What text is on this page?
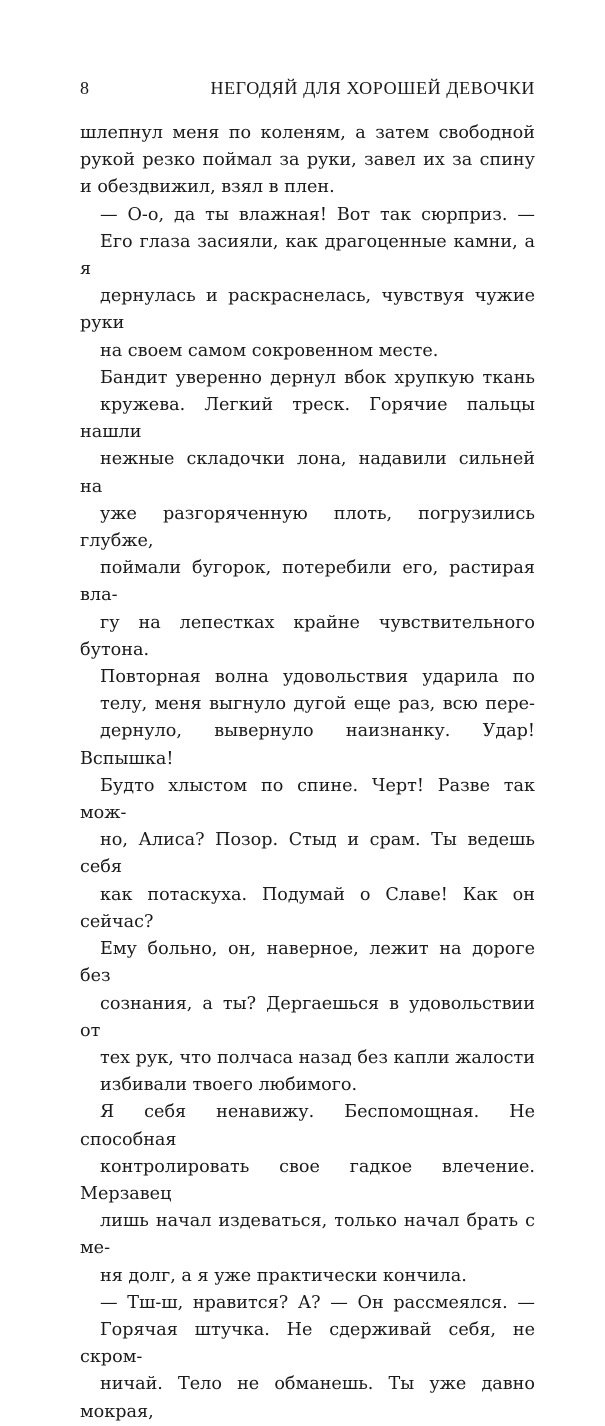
8	НЕГОДЯЙ ДЛЯ ХОРОШЕЙ ДЕВОЧКИ

шлепнул меня по коленям, а затем свободной
рукой резко поймал за руки, завел их за спину
и обездвижил, взял в плен.

— О-о, да ты влажная! Вот так сюрприз. —
Его глаза засияли, как драгоценные камни, а я
дернулась и раскраснелась, чувствуя чужие руки
на своем самом сокровенном месте.

Бандит уверенно дернул вбок хрупкую ткань
кружева. Легкий треск. Горячие пальцы нашли
нежные складочки лона, надавили сильней на
уже разгоряченную плоть, погрузились глубже,
поймали бугорок, потеребили его, растирая вла-
гу на лепестках крайне чувствительного бутона.

Повторная волна удовольствия ударила по
телу, меня выгнуло дугой еще раз, всю пере-
дернуло, вывернуло наизнанку. Удар! Вспышка!
Будто хлыстом по спине. Черт! Разве так мож-
но, Алиса? Позор. Стыд и срам. Ты ведешь себя
как потаскуха. Подумай о Славе! Как он сейчас?
Ему больно, он, наверное, лежит на дороге без
сознания, а ты? Дергаешься в удовольствии от
тех рук, что полчаса назад без капли жалости
избивали твоего любимого.

Я себя ненавижу. Беспомощная. Не способная
контролировать свое гадкое влечение. Мерзавец
лишь начал издеваться, только начал брать с ме-
ня долг, а я уже практически кончила.

— Тш-ш, нравится? А? — Он рассмеялся. —
Горячая штучка. Не сдерживай себя, не скром-
ничай. Тело не обманешь. Ты уже давно мокрая,
